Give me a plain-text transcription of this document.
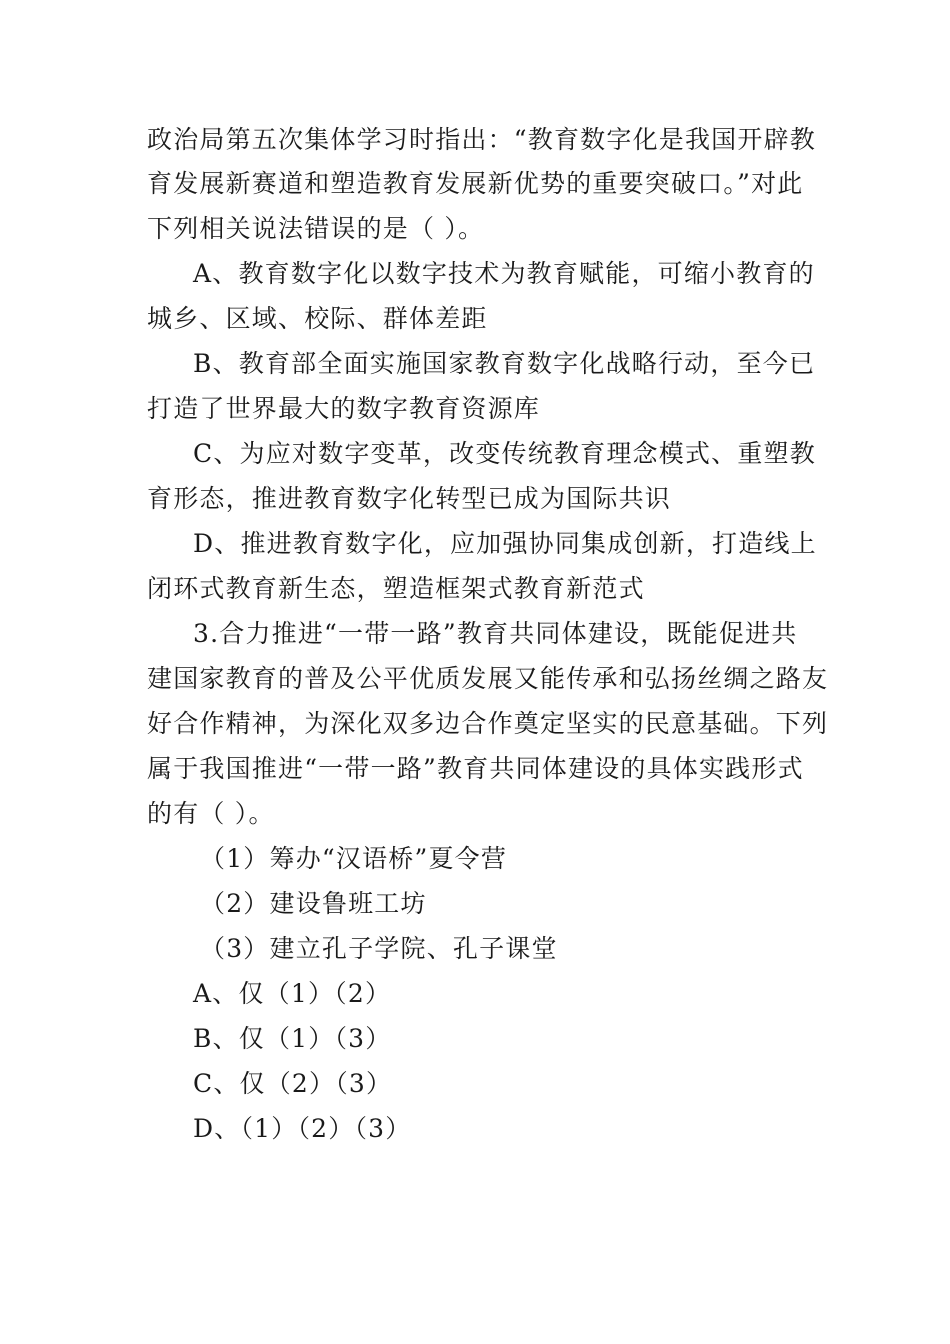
政治局第五次集体学习时指出：“教育数字化是我国开辟教
育发展新赛道和塑造教育发展新优势的重要突破口。”对此
下列相关说法错误的是（ ）。
A、教育数字化以数字技术为教育赋能，可缩小教育的
城乡、区域、校际、群体差距
B、教育部全面实施国家教育数字化战略行动，至今已
打造了世界最大的数字教育资源库
C、为应对数字变革，改变传统教育理念模式、重塑教
育形态，推进教育数字化转型已成为国际共识
D、推进教育数字化，应加强协同集成创新，打造线上
闭环式教育新生态，塑造框架式教育新范式
3.合力推进“一带一路”教育共同体建设，既能促进共
建国家教育的普及公平优质发展又能传承和弘扬丝绸之路友
好合作精神，为深化双多边合作奠定坚实的民意基础。下列
属于我国推进“一带一路”教育共同体建设的具体实践形式
的有（ ）。
（1）筹办“汉语桥”夏令营
（2）建设鲁班工坊
（3）建立孔子学院、孔子课堂
A、仅（1）（2）
B、仅（1）（3）
C、仅（2）（3）
D、（1）（2）（3）
